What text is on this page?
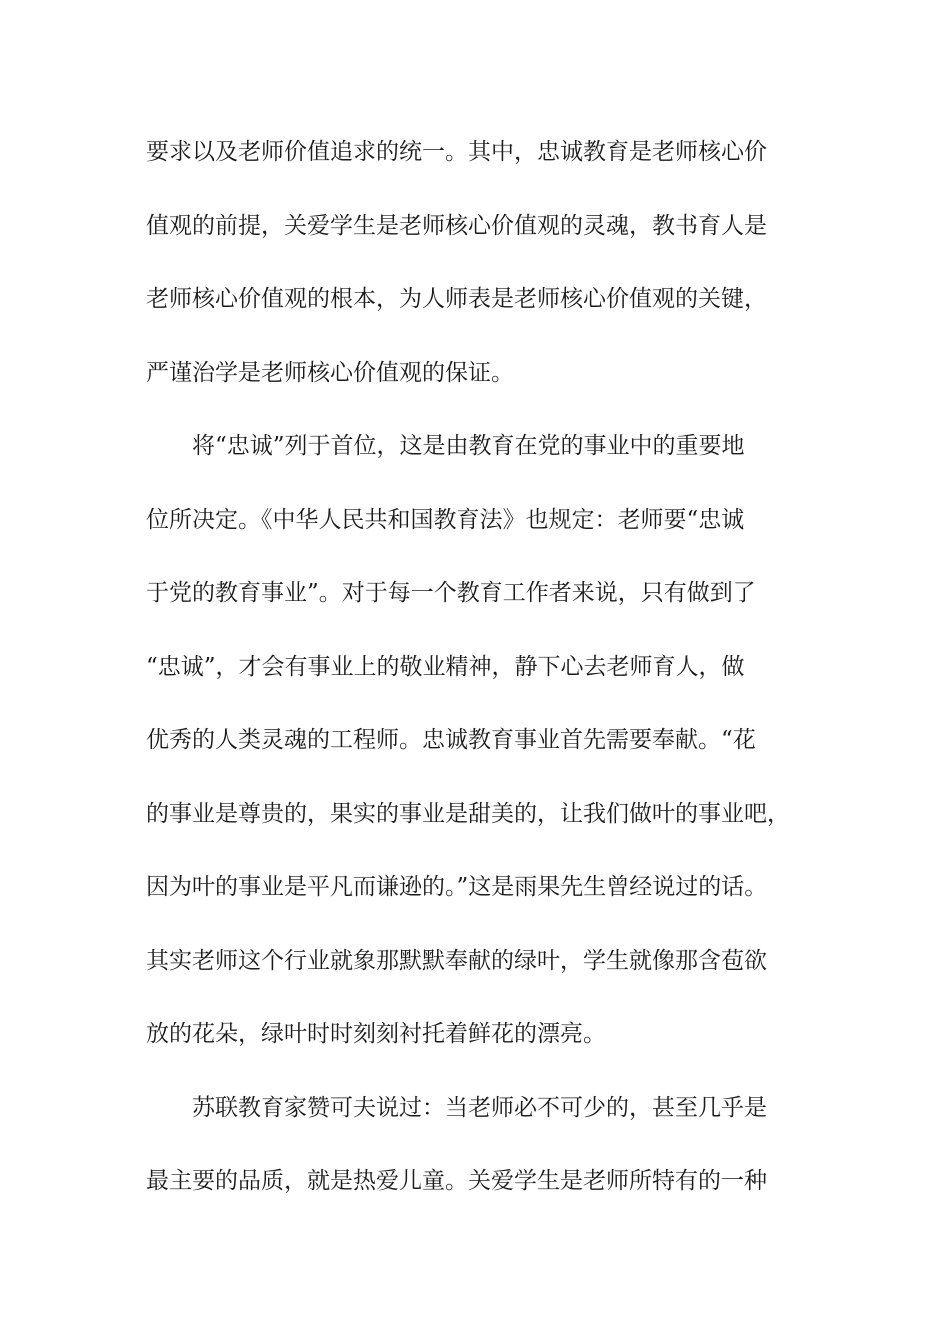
要求以及老师价值追求的统一。其中，忠诚教育是老师核心价
值观的前提，关爱学生是老师核心价值观的灵魂，教书育人是
老师核心价值观的根本，为人师表是老师核心价值观的关键，
严谨治学是老师核心价值观的保证。
将“忠诚”列于首位，这是由教育在党的事业中的重要地
位所决定。《中华人民共和国教育法》也规定：老师要“忠诚
于党的教育事业”。对于每一个教育工作者来说，只有做到了
“忠诚”，才会有事业上的敬业精神，静下心去老师育人，做
优秀的人类灵魂的工程师。忠诚教育事业首先需要奉献。“花
的事业是尊贵的，果实的事业是甜美的，让我们做叶的事业吧，
因为叶的事业是平凡而谦逊的。”这是雨果先生曾经说过的话。
其实老师这个行业就象那默默奉献的绿叶，学生就像那含苞欲
放的花朵，绿叶时时刻刻衬托着鲜花的漂亮。
苏联教育家赞可夫说过：当老师必不可少的，甚至几乎是
最主要的品质，就是热爱儿童。关爱学生是老师所特有的一种
